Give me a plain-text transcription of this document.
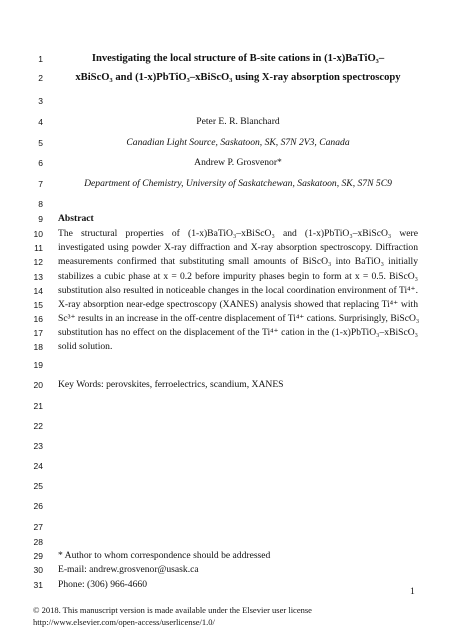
1
2
3
4
5
6
7
8
9
10
11
12
13
14
15
16
17
18
19
20
21
22
23
24
25
26
27
28
29
30
31
Investigating the local structure of B-site cations in (1-x)BaTiO₃–
xBiScO₃ and (1-x)PbTiO₃–xBiScO₃ using X-ray absorption spectroscopy
Peter E. R. Blanchard
Canadian Light Source, Saskatoon, SK, S7N 2V3, Canada
Andrew P. Grosvenor*
Department of Chemistry, University of Saskatchewan, Saskatoon, SK, S7N 5C9
Abstract
The structural properties of (1-x)BaTiO₃–xBiScO₃ and (1-x)PbTiO₃–xBiScO₃ were
investigated using powder X-ray diffraction and X-ray absorption spectroscopy. Diffraction
measurements confirmed that substituting small amounts of BiScO₃ into BaTiO₃ initially
stabilizes a cubic phase at x = 0.2 before impurity phases begin to form at x = 0.5. BiScO₃
substitution also resulted in noticeable changes in the local coordination environment of Ti⁴⁺.
X-ray absorption near-edge spectroscopy (XANES) analysis showed that replacing Ti⁴⁺ with
Sc³⁺ results in an increase in the off-centre displacement of Ti⁴⁺ cations. Surprisingly, BiScO₃
substitution has no effect on the displacement of the Ti⁴⁺ cation in the (1-x)PbTiO₃–xBiScO₃
solid solution.
Key Words: perovskites, ferroelectrics, scandium, XANES
* Author to whom correspondence should be addressed
E-mail: andrew.grosvenor@usask.ca
Phone: (306) 966-4660
1
© 2018. This manuscript version is made available under the Elsevier user license
http://www.elsevier.com/open-access/userlicense/1.0/
